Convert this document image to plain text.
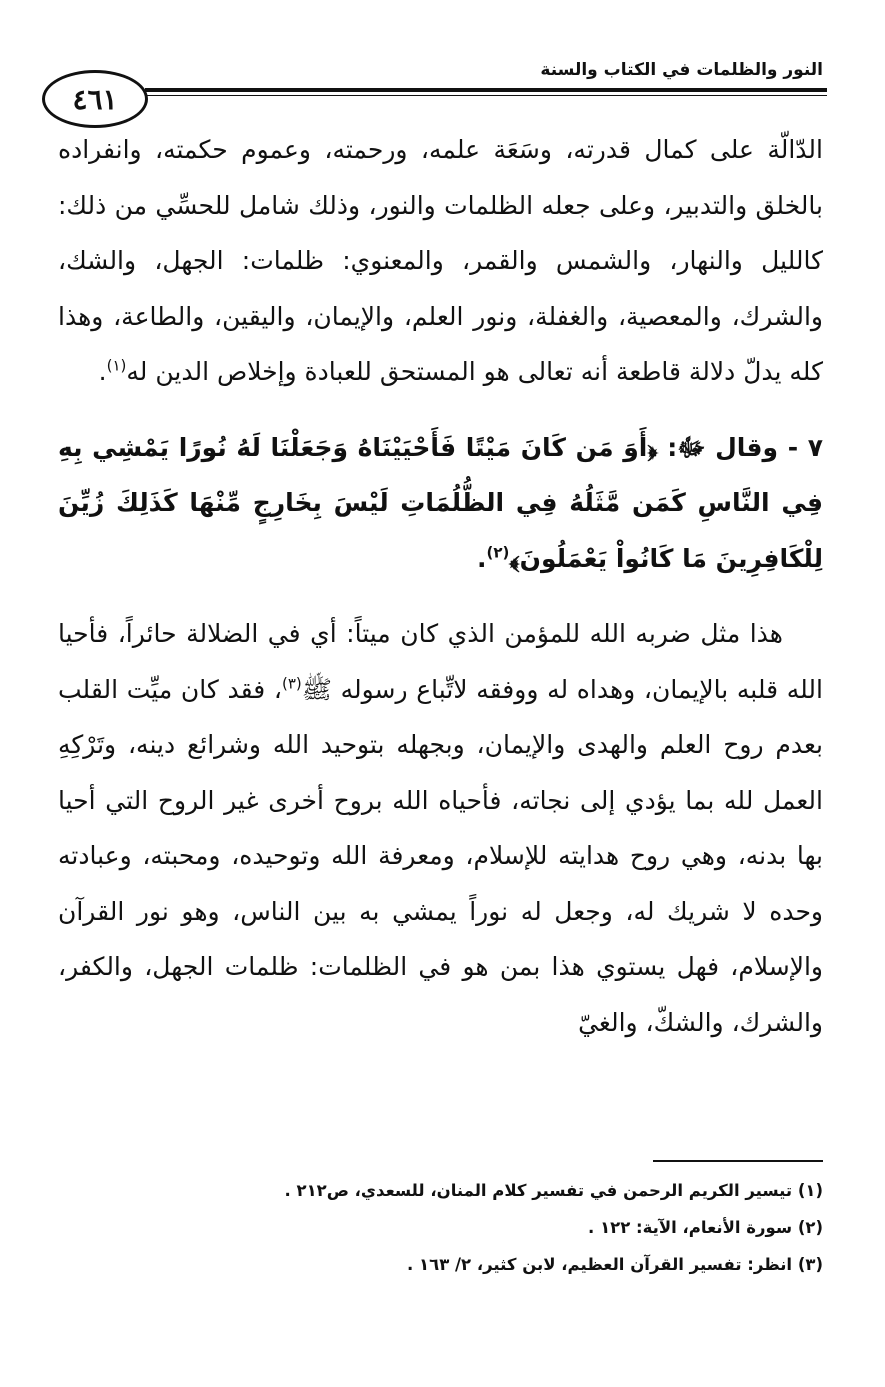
٤٦١
النور والظلمات في الكتاب والسنة

الدّالّة على كمال قدرته، وسَعَة علمه، ورحمته، وعموم حكمته، وانفراده بالخلق والتدبير، وعلى جعله الظلمات والنور، وذلك شامل للحسِّي من ذلك: كالليل والنهار، والشمس والقمر، والمعنوي: ظلمات: الجهل، والشك، والشرك، والمعصية، والغفلة، ونور العلم، والإيمان، واليقين، والطاعة، وهذا كله يدلّ دلالة قاطعة أنه تعالى هو المستحق للعبادة وإخلاص الدين له$^{(١)}$.

٧ - وقال ﷻ: ﴿أَوَ مَن كَانَ مَيْتًا فَأَحْيَيْنَاهُ وَجَعَلْنَا لَهُ نُورًا يَمْشِي بِهِ فِي النَّاسِ كَمَن مَّثَلُهُ فِي الظُّلُمَاتِ لَيْسَ بِخَارِجٍ مِّنْهَا كَذَلِكَ زُيِّنَ لِلْكَافِرِينَ مَا كَانُواْ يَعْمَلُونَ﴾$^{(٢)}$.

هذا مثل ضربه الله للمؤمن الذي كان ميتاً: أي في الضلالة حائراً، فأحيا الله قلبه بالإيمان، وهداه له ووفقه لاتِّباع رسوله ﷺ$^{(٣)}$، فقد كان ميِّت القلب بعدم روح العلم والهدى والإيمان، وبجهله بتوحيد الله وشرائع دينه، وتَرْكِهِ العمل لله بما يؤدي إلى نجاته، فأحياه الله بروح أخرى غير الروح التي أحيا بها بدنه، وهي روح هدايته للإسلام، ومعرفة الله وتوحيده، ومحبته، وعبادته وحده لا شريك له، وجعل له نوراً يمشي به بين الناس، وهو نور القرآن والإسلام، فهل يستوي هذا بمن هو في الظلمات: ظلمات الجهل، والكفر، والشرك، والشكّ، والغيّ

(١) تيسير الكريم الرحمن في تفسير كلام المنان، للسعدي، ص٢١٢ .

(٢) سورة الأنعام، الآية: ١٢٢ .

(٣) انظر: تفسير القرآن العظيم، لابن كثير، ٢/ ١٦٣ .
